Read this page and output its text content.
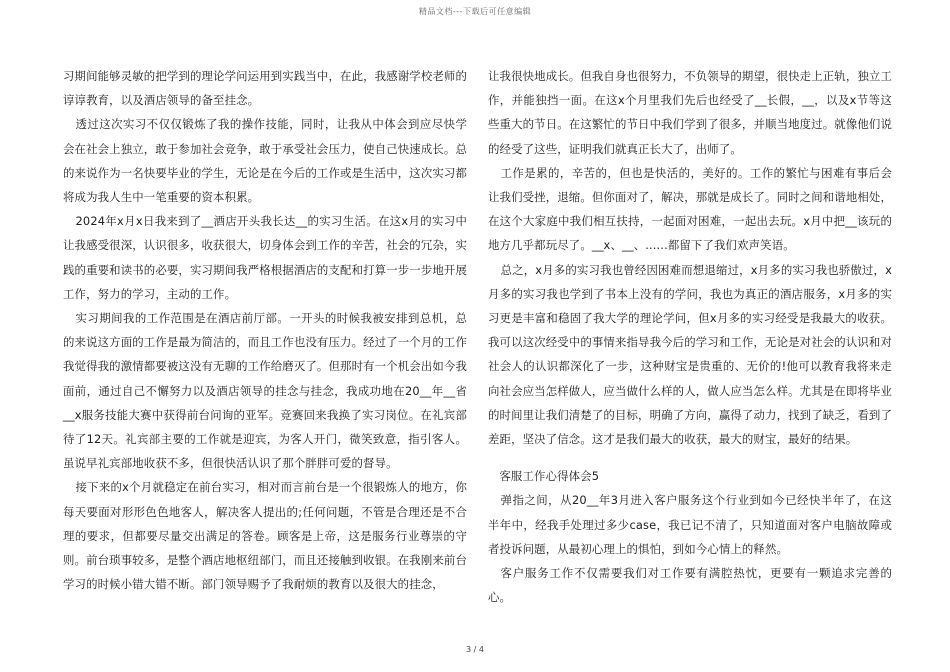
精品文档---下载后可任意编辑

习期间能够灵敏的把学到的理论学问运用到实践当中，在此，我感谢学校老师的谆谆教育，以及酒店领导的备至挂念。

透过这次实习不仅仅锻炼了我的操作技能，同时，让我从中体会到应尽快学会在社会上独立，敢于参加社会竞争，敢于承受社会压力，使自己快速成长。总的来说作为一名快要毕业的学生，无论是在今后的工作或是生活中，这次实习都将成为我人生中一笔重要的资本积累。

2024年x月x日我来到了__酒店开头我长达__的实习生活。在这x月的实习中让我感受很深，认识很多，收获很大，切身体会到工作的辛苦，社会的冗杂，实践的重要和读书的必要，实习期间我严格根据酒店的支配和打算一步一步地开展工作，努力的学习，主动的工作。

实习期间我的工作范围是在酒店前厅部。一开头的时候我被安排到总机，总的来说这方面的工作是最为简洁的，而且工作也没有压力。经过了一个月的工作我觉得我的激情都要被这没有无聊的工作给磨灭了。但那时有一个机会出如今我面前，通过自己不懈努力以及酒店领导的挂念与挂念，我成功地在20__年__省__x服务技能大赛中获得前台问询的亚军。竞赛回来我换了实习岗位。在礼宾部待了12天。礼宾部主要的工作就是迎宾，为客人开门，微笑致意，指引客人。虽说早礼宾部地收获不多，但很快活认识了那个胖胖可爱的督导。

接下来的x个月就稳定在前台实习，相对而言前台是一个很锻炼人的地方，你每天要面对形形色色地客人，解决客人提出的;任何问题，不管是合理还是不合理的要求，但都要尽量交出满足的答卷。顾客是上帝，这是服务行业尊崇的守则。前台琐事较多，是整个酒店地枢纽部门，而且还接触到收银。在我刚来前台学习的时候小错大错不断。部门领导赐予了我耐烦的教育以及很大的挂念，

让我很快地成长。但我自身也很努力，不负领导的期望，很快走上正轨，独立工作，并能独挡一面。在这x个月里我们先后也经受了__长假，__，以及x节等这些重大的节日。在这繁忙的节日中我们学到了很多，并顺当地度过。就像他们说的经受了这些，证明我们就真正长大了，出师了。

工作是累的，辛苦的，但也是快活的，美好的。工作的繁忙与困难有事后会让我们受挫，退缩。但你面对了，解决，那就是成长了。同时之间和谐地相处，在这个大家庭中我们相互扶持，一起面对困难，一起出去玩。x月中把__该玩的地方几乎都玩尽了。__x、__、......都留下了我们欢声笑语。

总之，x月多的实习我也曾经因困难而想退缩过，x月多的实习我也骄傲过，x月多的实习我也学到了书本上没有的学问，我也为真正的酒店服务，x月多的实习更是丰富和稳固了我大学的理论学问，但x月多的实习经受是我最大的收获。我可以这次经受中的事情来指导我今后的学习和工作，无论是对社会的认识和对社会人的认识都深化了一步，这种财宝是贵重的、无价的!他可以教育我将来走向社会应当怎样做人，应当做什么样的人，做人应当怎么样。尤其是在即将毕业的时间里让我们清楚了的目标，明确了方向，赢得了动力，找到了缺乏，看到了差距，坚决了信念。这才是我们最大的收获，最大的财宝，最好的结果。

客服工作心得体会5

弹指之间，从20__年3月进入客户服务这个行业到如今已经快半年了，在这半年中，经我手处理过多少case，我已记不清了，只知道面对客户电脑故障或者投诉问题，从最初心理上的惧怕，到如今心情上的释然。

客户服务工作不仅需要我们对工作要有满腔热忱，更要有一颗追求完善的心。

3 / 4
